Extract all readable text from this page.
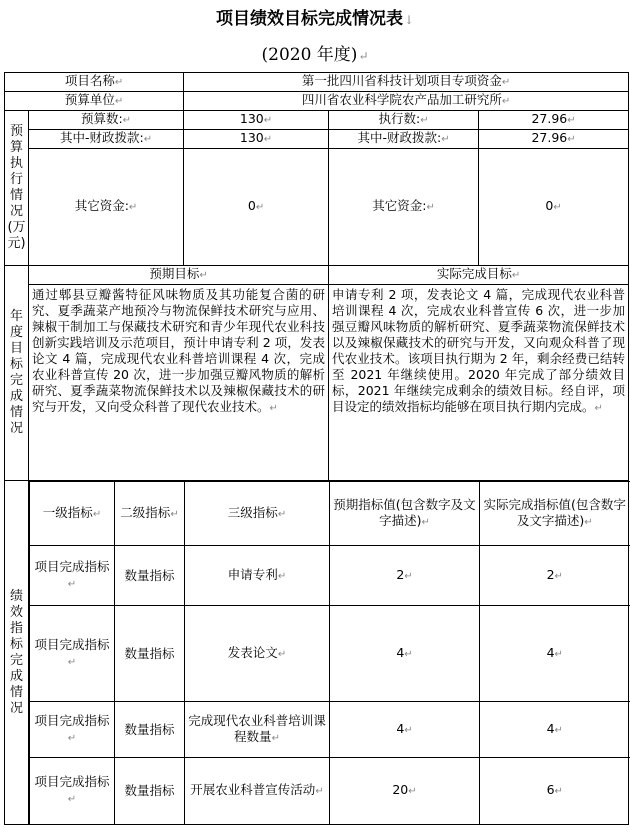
项目绩效目标完成情况表↓
(2020 年度)↵
项目名称↵	第一批四川省科技计划项目专项资金↵
预算单位↵	四川省农业科学院农产品加工研究所↵
预
算
执
行
情
况
(万元)	预算数:↵	130↵	执行数:↵	27.96↵
其中-财政拨款:↵	130↵	其中-财政拨款:↵	27.96↵
其它资金:↵	0↵	其它资金:↵	0↵
年
度
目
标
完
成
情
况	预期目标↵	实际完成目标↵
通过郫县豆瓣酱特征风味物质及其功能复合菌的研究、夏季蔬菜产地预冷与物流保鲜技术研究与应用、辣椒干制加工与保藏技术研究和青少年现代农业科技创新实践培训及示范项目，预计申请专利 2 项，发表论文 4 篇，完成现代农业科普培训课程 4 次，完成农业科普宣传 20 次，进一步加强豆瓣风物质的解析研究、夏季蔬菜物流保鲜技术以及辣椒保藏技术的研究与开发，又向受众科普了现代农业技术。↵	申请专利 2 项，发表论文 4 篇，完成现代农业科普培训课程 4 次，完成农业科普宣传 6 次，进一步加强豆瓣风味物质的解析研究、夏季蔬菜物流保鲜技术以及辣椒保藏技术的研究与开发，又向观众科普了现代农业技术。该项目执行期为 2 年，剩余经费已结转至 2021 年继续使用。2020 年完成了部分绩效目标，2021 年继续完成剩余的绩效目标。经自评，项目设定的绩效指标均能够在项目执行期内完成。↵
绩
效
指
标
完
成
情
况	
一级指标↵	二级指标↵	三级指标↵	预期指标值(包含数字及文字描述)↵	实际完成指标值(包含数字及文字描述)↵
项目完成指标↵	数量指标	申请专利↵	2↵	2↵
项目完成指标↵	数量指标	发表论文↵	4↵	4↵
项目完成指标↵	数量指标	完成现代农业科普培训课程数量↵	4↵	4↵
项目完成指标↵	数量指标	开展农业科普宣传活动↵	20↵	6↵
